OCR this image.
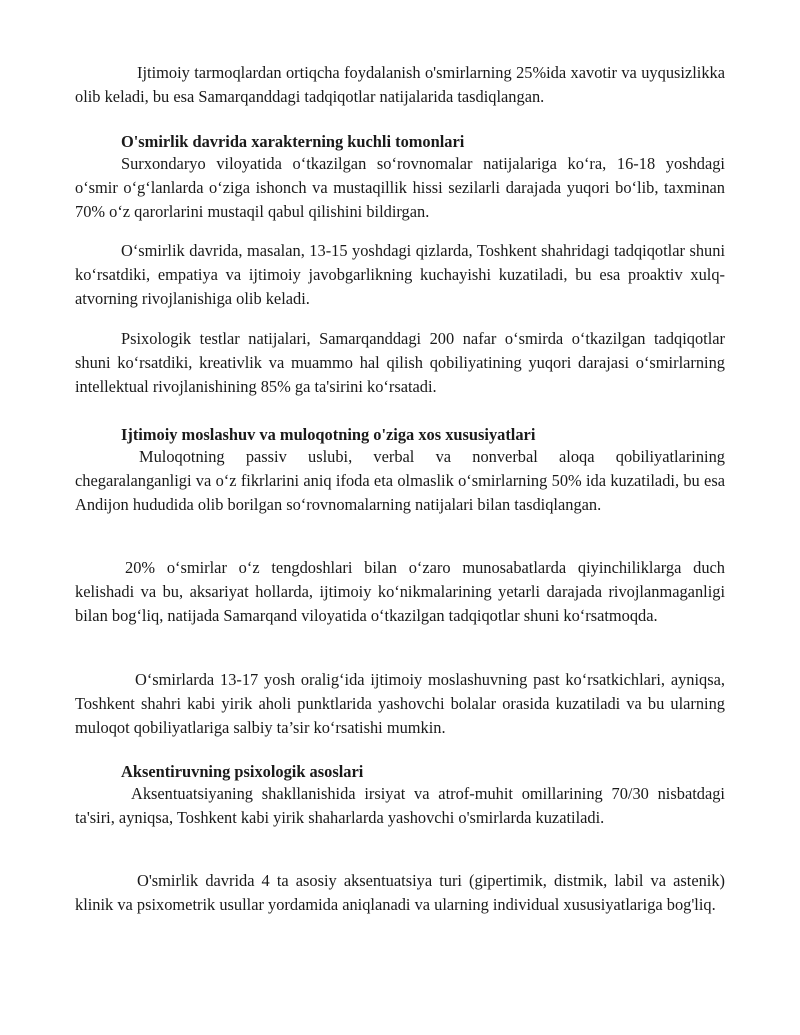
Ijtimoiy tarmoqlardan ortiqcha foydalanish o'smirlarning 25%ida xavotir va uyqusizlikka olib keladi, bu esa Samarqanddagi tadqiqotlar natijalarida tasdiqlangan.

O'smirlik davrida xarakterning kuchli tomonlari

Surxondaryo viloyatida o‘tkazilgan so‘rovnomalar natijalariga ko‘ra, 16-18 yoshdagi o‘smir o‘g‘lanlarda o‘ziga ishonch va mustaqillik hissi sezilarli darajada yuqori bo‘lib, taxminan 70% o‘z qarorlarini mustaqil qabul qilishini bildirgan.

O‘smirlik davrida, masalan, 13-15 yoshdagi qizlarda, Toshkent shahridagi tadqiqotlar shuni ko‘rsatdiki, empatiya va ijtimoiy javobgarlikning kuchayishi kuzatiladi, bu esa proaktiv xulq-atvorning rivojlanishiga olib keladi.

Psixologik testlar natijalari, Samarqanddagi 200 nafar o‘smirda o‘tkazilgan tadqiqotlar shuni ko‘rsatdiki, kreativlik va muammo hal qilish qobiliyatining yuqori darajasi o‘smirlarning intellektual rivojlanishining 85% ga ta'sirini ko‘rsatadi.

Ijtimoiy moslashuv va muloqotning o'ziga xos xususiyatlari

Muloqotning passiv uslubi, verbal va nonverbal aloqa qobiliyatlarining chegaralanganligi va o‘z fikrlarini aniq ifoda eta olmaslik o‘smirlarning 50% ida kuzatiladi, bu esa Andijon hududida olib borilgan so‘rovnomalarning natijalari bilan tasdiqlangan.

20% o‘smirlar o‘z tengdoshlari bilan o‘zaro munosabatlarda qiyinchiliklarga duch kelishadi va bu, aksariyat hollarda, ijtimoiy ko‘nikmalarining yetarli darajada rivojlanmaganligi bilan bog‘liq, natijada Samarqand viloyatida o‘tkazilgan tadqiqotlar shuni ko‘rsatmoqda.

O‘smirlarda 13-17 yosh oralig‘ida ijtimoiy moslashuvning past ko‘rsatkichlari, ayniqsa, Toshkent shahri kabi yirik aholi punktlarida yashovchi bolalar orasida kuzatiladi va bu ularning muloqot qobiliyatlariga salbiy ta’sir ko‘rsatishi mumkin.

Aksentiruvning psixologik asoslari

Aksentuatsiyaning shakllanishida irsiyat va atrof-muhit omillarining 70/30 nisbatdagi ta'siri, ayniqsa, Toshkent kabi yirik shaharlarda yashovchi o'smirlarda kuzatiladi.

O'smirlik davrida 4 ta asosiy aksentuatsiya turi (gipertimik, distmik, labil va astenik) klinik va psixometrik usullar yordamida aniqlanadi va ularning individual xususiyatlariga bog'liq.
